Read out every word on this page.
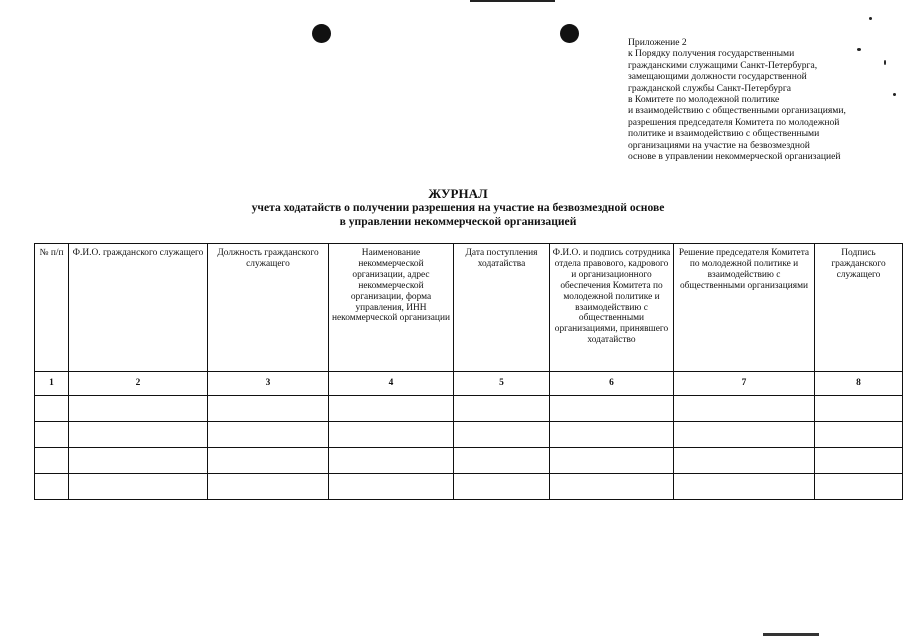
Приложение 2
к Порядку получения государственными
гражданскими служащими Санкт-Петербурга,
замещающими должности государственной
гражданской службы Санкт-Петербурга
в Комитете по молодежной политике
и взаимодействию с общественными организациями,
разрешения председателя Комитета по молодежной
политике и взаимодействию с общественными
организациями на участие на безвозмездной
основе в управлении некоммерческой организацией
ЖУРНАЛ
учета ходатайств о получении разрешения на участие на безвозмездной основе
в управлении некоммерческой организацией
№ п/п	Ф.И.О. гражданского служащего	Должность гражданского служащего	Наименование некоммерческой организации, адрес некоммерческой организации, форма управления, ИНН некоммерческой организации	Дата поступления ходатайства	Ф.И.О. и подпись сотрудника отдела правового, кадрового и организационного обеспечения Комитета по молодежной политике и взаимодействию с общественными организациями, принявшего ходатайство	Решение председателя Комитета по молодежной политике и взаимодействию с общественными организациями	Подпись гражданского служащего
1	2	3	4	5	6	7	8
